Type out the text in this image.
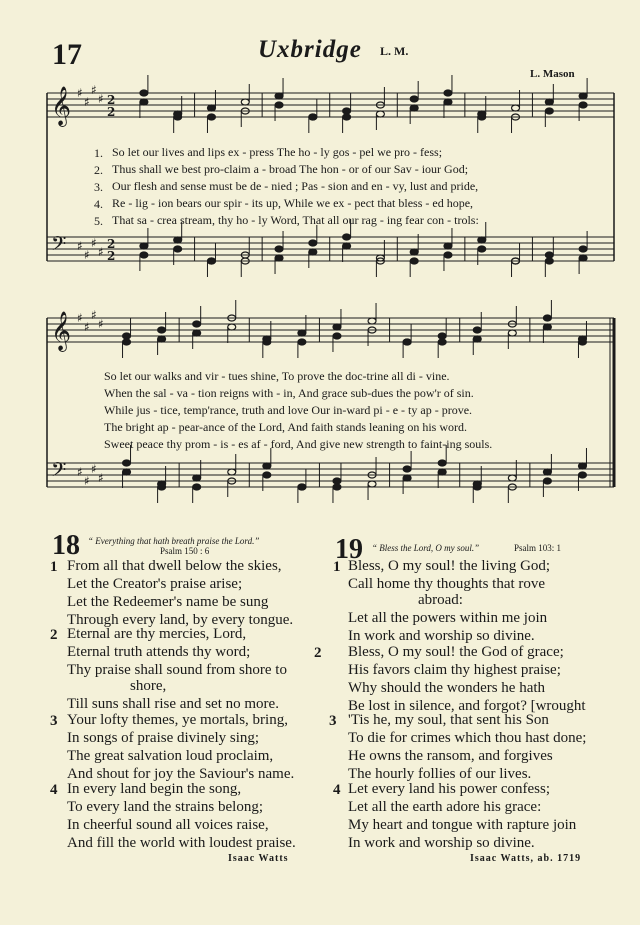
17	Uxbridge L. M.
L. Mason
𝄞 ♯
♯
♯
♯ 2
2
𝄢 ♯
♯
♯
♯
2
2
𝄞 ♯
♯
♯
♯
𝄢 ♯
♯
♯
♯
1.
2.
3.
4.
5.
So let our lives and lips ex - press The ho - ly gos - pel we pro - fess;
Thus shall we best pro-claim a - broad The hon - or of our Sav - iour God;
Our flesh and sense must be de - nied ; Pas - sion and en - vy, lust and pride,
Re - lig - ion bears our spir - its up, While we ex - pect that bless - ed hope,
That sa - crea stream, thy ho - ly Word, That all our rag - ing fear con - trols:
So let our walks and vir - tues shine, To prove the doc-trine all di - vine.
When the sal - va - tion reigns with - in, And grace sub-dues the pow'r of sin.
While jus - tice, temp'rance, truth and love Our in-ward pi - e - ty ap - prove.
The bright ap - pear-ance of the Lord, And faith stands leaning on his word.
Sweet peace thy prom - is - es af - ford, And give new strength to faint-ing souls.
18 “ Everything that hath breath praise the Lord.”
Psalm 150 : 6
1 From all that dwell below the skies,
Let the Creator's praise arise;
Let the Redeemer's name be sung
Through every land, by every tongue.
2 Eternal are thy mercies, Lord,
Eternal truth attends thy word;
Thy praise shall sound from shore to
shore,
Till suns shall rise and set no more.
3 Your lofty themes, ye mortals, bring,
In songs of praise divinely sing;
The great salvation loud proclaim,
And shout for joy the Saviour's name.
4 In every land begin the song,
To every land the strains belong;
In cheerful sound all voices raise,
And fill the world with loudest praise.
Isaac Watts
19 “ Bless the Lord, O my soul.”	Psalm 103: 1
1 Bless, O my soul! the living God;
Call home thy thoughts that rove
abroad:
Let all the powers within me join
In work and worship so divine.
2 Bless, O my soul! the God of grace;
His favors claim thy highest praise;
Why should the wonders he hath
Be lost in silence, and forgot? [wrought
3 'Tis he, my soul, that sent his Son
To die for crimes which thou hast done;
He owns the ransom, and forgives
The hourly follies of our lives.
4 Let every land his power confess;
Let all the earth adore his grace:
My heart and tongue with rapture join
In work and worship so divine.
Isaac Watts, ab. 1719
